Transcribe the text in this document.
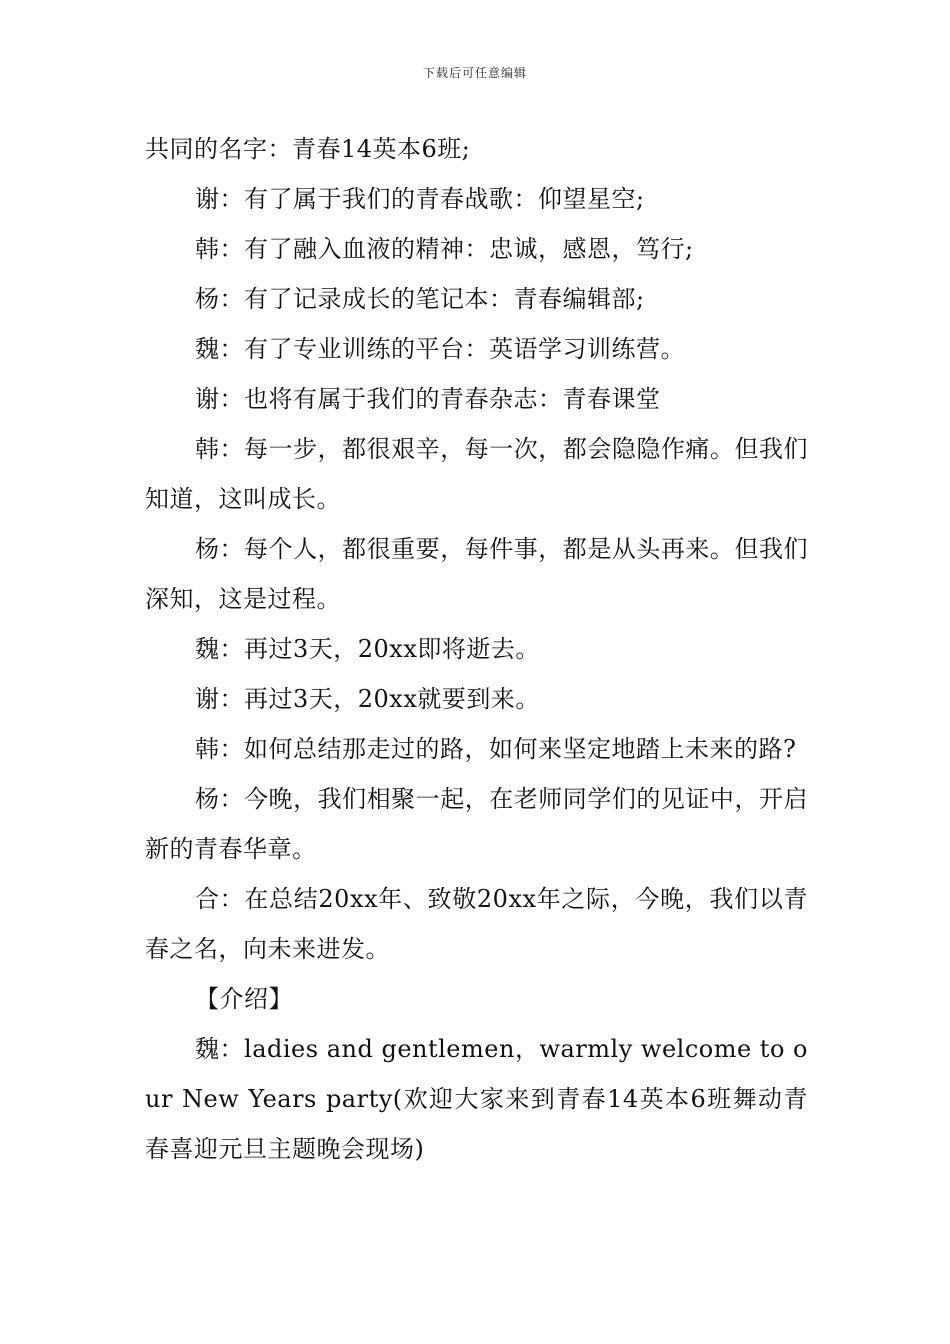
下载后可任意编辑

共同的名字：青春14英本6班;

谢：有了属于我们的青春战歌：仰望星空;

韩：有了融入血液的精神：忠诚，感恩，笃行;

杨：有了记录成长的笔记本：青春编辑部;

魏：有了专业训练的平台：英语学习训练营。

谢：也将有属于我们的青春杂志：青春课堂

韩：每一步，都很艰辛，每一次，都会隐隐作痛。但我们知道，这叫成长。

杨：每个人，都很重要，每件事，都是从头再来。但我们深知，这是过程。

魏：再过3天，20xx即将逝去。

谢：再过3天，20xx就要到来。

韩：如何总结那走过的路，如何来坚定地踏上未来的路?

杨：今晚，我们相聚一起，在老师同学们的见证中，开启新的青春华章。

合：在总结20xx年、致敬20xx年之际，今晚，我们以青春之名，向未来进发。

【介绍】

魏：ladies and gentlemen，warmly welcome to our New Years party(欢迎大家来到青春14英本6班舞动青春喜迎元旦主题晚会现场)
